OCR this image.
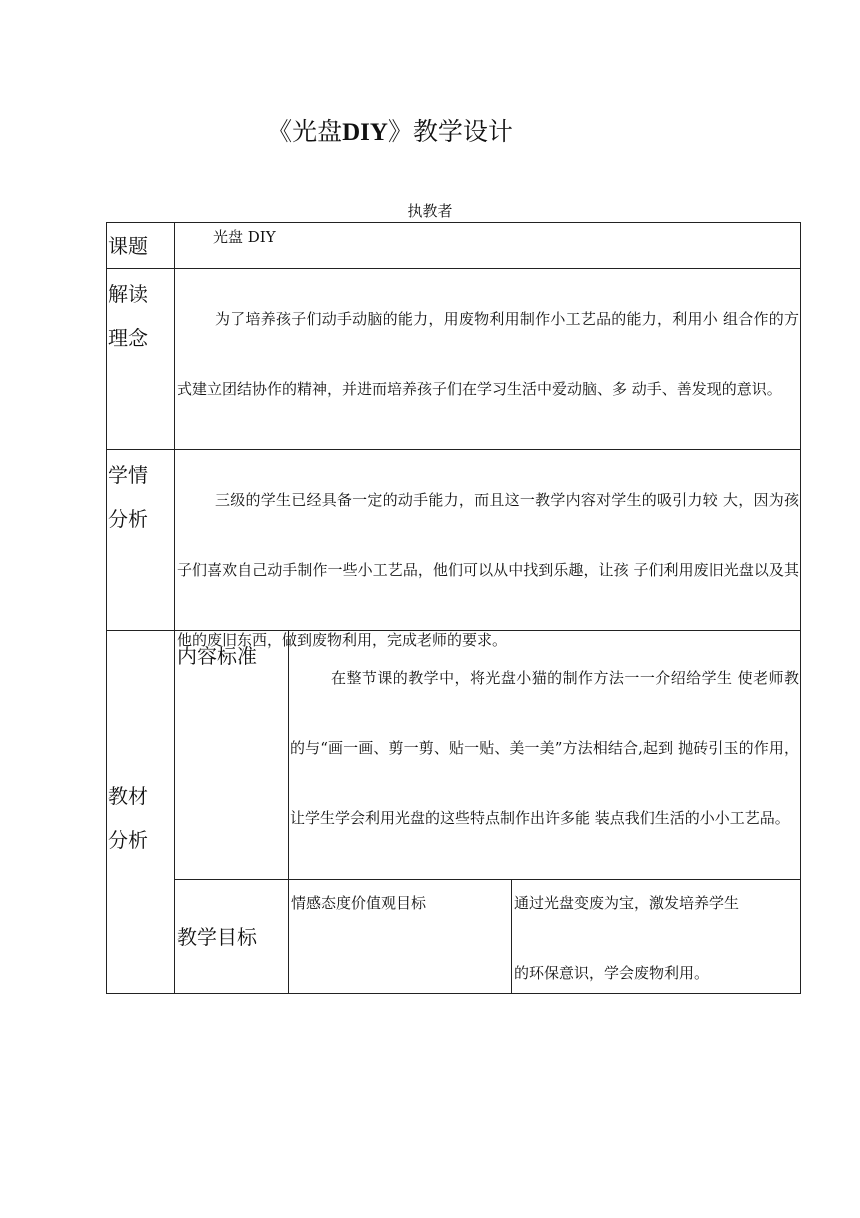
《光盘DIY》教学设计
执教者
课题	光盘 DIY
解读
理念
为了培养孩子们动手动脑的能力，用废物利用制作小工艺品的能力，利用小 组合作的方式建立团结协作的精神，并进而培养孩子们在学习生活中爱动脑、多 动手、善发现的意识。
学情
分析
三级的学生已经具备一定的动手能力，而且这一教学内容对学生的吸引力较 大，因为孩子们喜欢自己动手制作一些小工艺品，他们可以从中找到乐趣，让孩 子们利用废旧光盘以及其他的废旧东西，做到废物利用，完成老师的要求。
教材
分析
内容标准
在整节课的教学中，将光盘小猫的制作方法一一介绍给学生 使老师教的与“画一画、剪一剪、贴一贴、美一美”方法相结合,起到 抛砖引玉的作用，让学生学会利用光盘的这些特点制作出许多能 装点我们生活的小小工艺品。
教学目标
情感态度价值观目标	通过光盘变废为宝，激发培养学生
的环保意识，学会废物利用。
